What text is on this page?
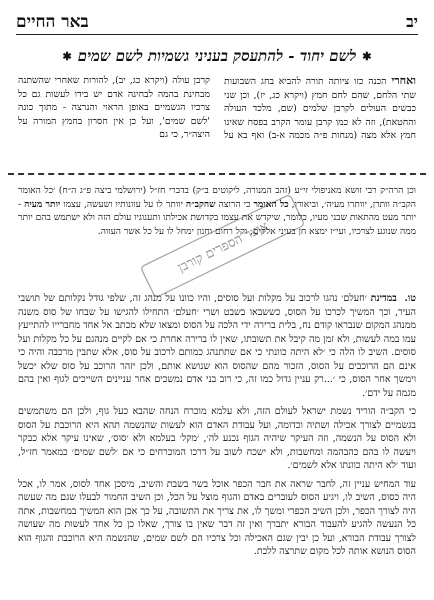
יב
באר החיים
✱
לשם יחוד - להתעסק בעניני גשמיות לשם שמים
✱

ואחרי הכנה כזו ציותה תורה להביא בחג השבועות שתי הלחם, שהם לחם חמץ (ויקרא כג, יז), וכן שני כבשים העולים לקרבן שלמים (שם, מלכד העולה והחטאת), וזה לא כמו קרבן עומר הקרב בפסח שאינו חמץ אלא מצה (מנחות פ״ה מכמה א-ב) ואף בא על קרבן עולה (ויקרא כג, יב), להורות שאחרי שהשתנה מבחינת בהמה לבחינה אדם יש בידו לעשות גם כל צרכיו הגשמיים באופן הראוי והנרצה - מתוך כונה 'לשם שמים', ועל כן אין חסרון בחמץ המורה על היצה״ר, כי גם

וכן הרה״ק רבי זושא מאניפולי זי״ע (זהב המנורה, ליקוטים ב״ק) בדברי חז״ל (ירושלמי ביצה פ״ג ה״ח) ׳כל האומר הקב״ה וותרן, יוותרו מעיה׳, וביאורו, כל האומר כי הרוצה שהקב״ה יוותר לו על עוונותיו ושעשה, עצמו יותר מעיה - יותר מעט מהתאות שבני מעיו, כלומר, שיקדש את עצמו בקדושת אכילתו ותענוגיו עולם הזה ולא ישתמש בהם יותר ממה שנוגע לצרכיו, ועי״ז ימצא חן בעיני אלקים, וקל רחום וחנון ימחל לו על כל אשר העווה.

אוצר הספרים קורבן

טו. במדינת ׳חעלם׳ נהגו לרכוב על מקלות ועל סוסים, והיו כוונו על מנהג זה, שלפי גודל נקלותם של תושבי העיר, וכך המשיך לכרכו על הסוס, כששבאו בשבט ושרי ׳חעלם׳ התחילו להגישו על שבחו של סוס משנה ממנהג המקום שנבראו קודם נח, בלית ברירה ידי הלכה על הסוס ומצאו שלא מכתב אל אחד מחברייו להתייעץ עמו במה לעשות, ולא זמן מה קיבל את תשובתו, שאין לו ברירה אחרת כי אם לקיים מנהגם על כל מקלות ועל סוסים. השיב לו הלה כי ׳לא היתה כוונתי כי אם שתתנהג כמותם לרכוב על סוס, אלא שתבין מרכבה והיה כי אינם הם הרוכבים על הסוס, הזכור מהם שהסוס הוא שנושא אותם, ולכן יזהר הרוכב על סוס שלא יכשל וימשך אחר הסוס, כי ׳...רק עניין גדול כמו זה, כי רוב בני אדם נמשכים אחר עניינים השייכים לגוף ואין בהם מגמה על ידם׳.

כי הקב״ה הוריד נשמת ישראל לעולם הזה, ולא עלמא מוכרח הנחה שהבא כעל גוף, ולכן הם משתמשים בגשמיים לצורך אכילה ושתיה וכדומה, ועל עבודת האדם הוא לעשות שהנשמה תהא היא הרוכבת על הסוס ולא הסוס על הנשמה, וזה העיקר שיהיה הגוף נכנע לה׳, ׳מקל׳ בעלמא ולא ׳סוס׳, שאינו עיקר אלא כבקר ויעשה לו בהם כהבהמה ומחשבות, ולא ישכח לשוב על דרכו המוכרחים כי אם ׳לשם שמים׳ כמאמר חז״ל, ועוד ׳לא היתה כוונתו אלא לשמים׳.

עוד המחיש עניין זה, לחבר שראה את חבר הכפר אוכל בשר בשבת והשיב, מיסכן אחד לסוס, אמר לו, אכל היה כסוס, השיב לו, ויגיע הסוס לעוברים באדם והגוף מוצל על הכל, וכן השיב החמור לבעלו שגם מה שעשה היה לצורך הכפר, ולכן השיב הכפרי ומשך לו, את צריך את התשובה, על כך אכן הוא המשיך במחשבות, אתה כל הנעשה להגיע להעבוד הבורא יתברך ואין זה דבר שאין בו צורך, שאלו כן כל אחד לעשות מה שעושה לצורך עבודת הבורא, ועל כן יבין שגם האכילה וכל צרכיו הם לשם שמים, שהנשמה היא הרוכבת והגוף הוא הסוס הנושא אותה לכל מקום שתרצה ללכת.
